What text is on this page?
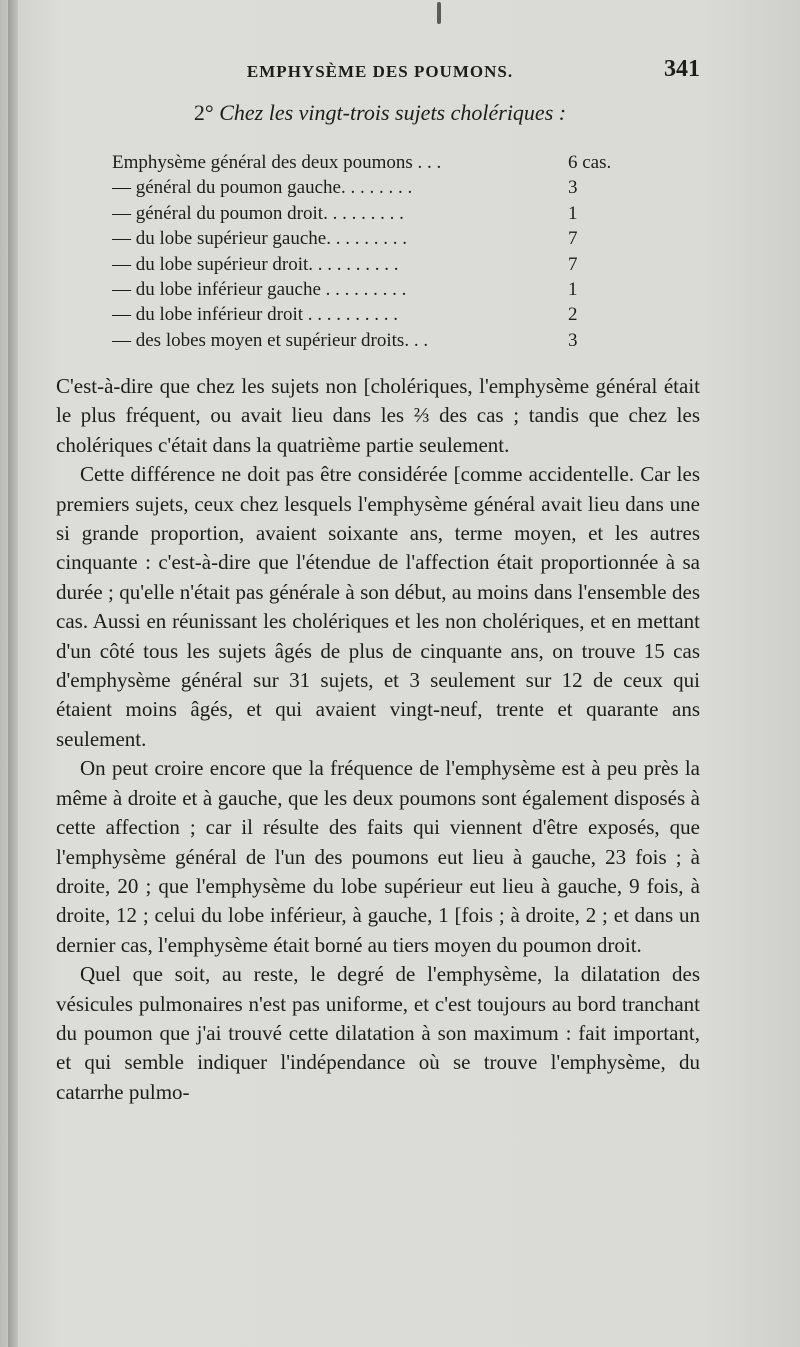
EMPHYSÈME DES POUMONS.	341
2° Chez les vingt-trois sujets cholériques :
Emphysème général des deux poumons . . .	6 cas.
— général du poumon gauche. . . . . . . .	3
— général du poumon droit. . . . . . . . .	1
— du lobe supérieur gauche. . . . . . . . .	7
— du lobe supérieur droit. . . . . . . . . .	7
— du lobe inférieur gauche . . . . . . . . .	1
— du lobe inférieur droit . . . . . . . . . .	2
— des lobes moyen et supérieur droits. . .	3

C'est-à-dire que chez les sujets non [cholériques, l'emphysème général était le plus fréquent, ou avait lieu dans les ⅔ des cas ; tandis que chez les cholériques c'était dans la quatrième partie seulement.

Cette différence ne doit pas être considérée [comme accidentelle. Car les premiers sujets, ceux chez lesquels l'emphysème général avait lieu dans une si grande proportion, avaient soixante ans, terme moyen, et les autres cinquante : c'est-à-dire que l'étendue de l'affection était proportionnée à sa durée ; qu'elle n'était pas générale à son début, au moins dans l'ensemble des cas. Aussi en réunissant les cholériques et les non cholériques, et en mettant d'un côté tous les sujets âgés de plus de cinquante ans, on trouve 15 cas d'emphysème général sur 31 sujets, et 3 seulement sur 12 de ceux qui étaient moins âgés, et qui avaient vingt-neuf, trente et quarante ans seulement.

On peut croire encore que la fréquence de l'emphysème est à peu près la même à droite et à gauche, que les deux poumons sont également disposés à cette affection ; car il résulte des faits qui viennent d'être exposés, que l'emphysème général de l'un des poumons eut lieu à gauche, 23 fois ; à droite, 20 ; que l'emphysème du lobe supérieur eut lieu à gauche, 9 fois, à droite, 12 ; celui du lobe inférieur, à gauche, 1 [fois ; à droite, 2 ; et dans un dernier cas, l'emphysème était borné au tiers moyen du poumon droit.

Quel que soit, au reste, le degré de l'emphysème, la dilatation des vésicules pulmonaires n'est pas uniforme, et c'est toujours au bord tranchant du poumon que j'ai trouvé cette dilatation à son maximum : fait important, et qui semble indiquer l'indépendance où se trouve l'emphysème, du catarrhe pulmo-
